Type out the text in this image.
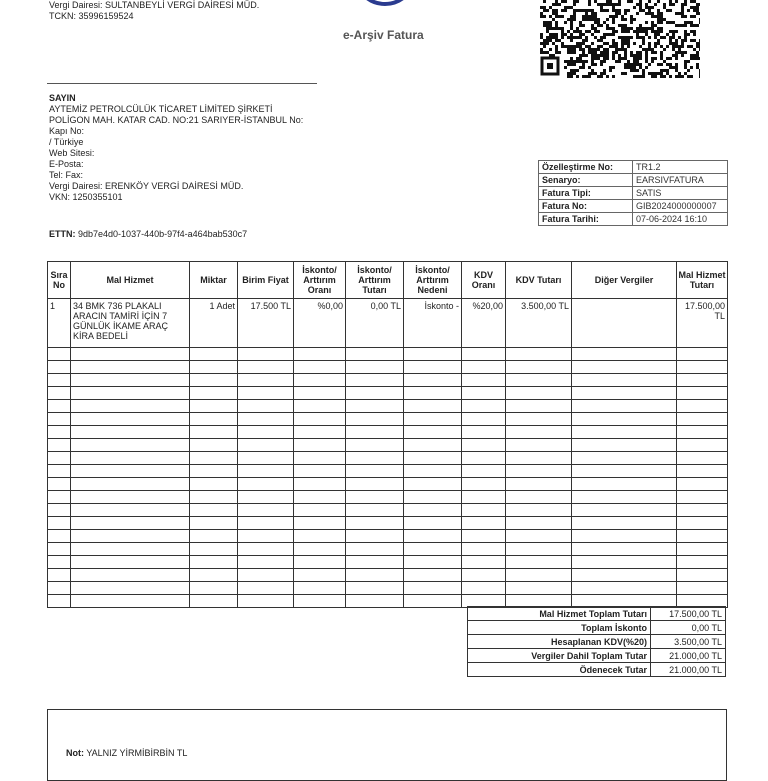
Vergi Dairesi: SULTANBEYLİ VERGİ DAİRESİ MÜD.
TCKN: 35996159524
e-Arşiv Fatura
SAYIN
AYTEMİZ PETROLCÜLÜK TİCARET LİMİTED ŞİRKETİ
POLİGON MAH. KATAR CAD. NO:21 SARIYER-İSTANBUL No:
Kapı No:
/ Türkiye
Web Sitesi:
E-Posta:
Tel: Fax:
Vergi Dairesi: ERENKÖY VERGİ DAİRESİ MÜD.
VKN: 1250355101
Özelleştirme No:	TR1.2
Senaryo:	EARSIVFATURA
Fatura Tipi:	SATIS
Fatura No:	GIB2024000000007
Fatura Tarihi:	07-06-2024 16:10
ETTN: 9db7e4d0-1037-440b-97f4-a464bab530c7
Sıra No	Mal Hizmet	Miktar	Birim Fiyat	İskonto/ Arttırım Oranı	İskonto/ Arttırım Tutarı	İskonto/ Arttırım Nedeni	KDV Oranı	KDV Tutarı	Diğer Vergiler	Mal Hizmet Tutarı
1	34 BMK 736 PLAKALI ARACIN TAMİRİ İÇİN 7 GÜNLÜK İKAME ARAÇ KİRA BEDELİ	1 Adet	17.500 TL	%0,00	0,00 TL	İskonto -	%20,00	3.500,00 TL		17.500,00 TL

Mal Hizmet Toplam Tutarı	17.500,00 TL
Toplam İskonto	0,00 TL
Hesaplanan KDV(%20)	3.500,00 TL
Vergiler Dahil Toplam Tutar	21.000,00 TL
Ödenecek Tutar	21.000,00 TL
Not: YALNIZ YİRMİBİRBİN TL
